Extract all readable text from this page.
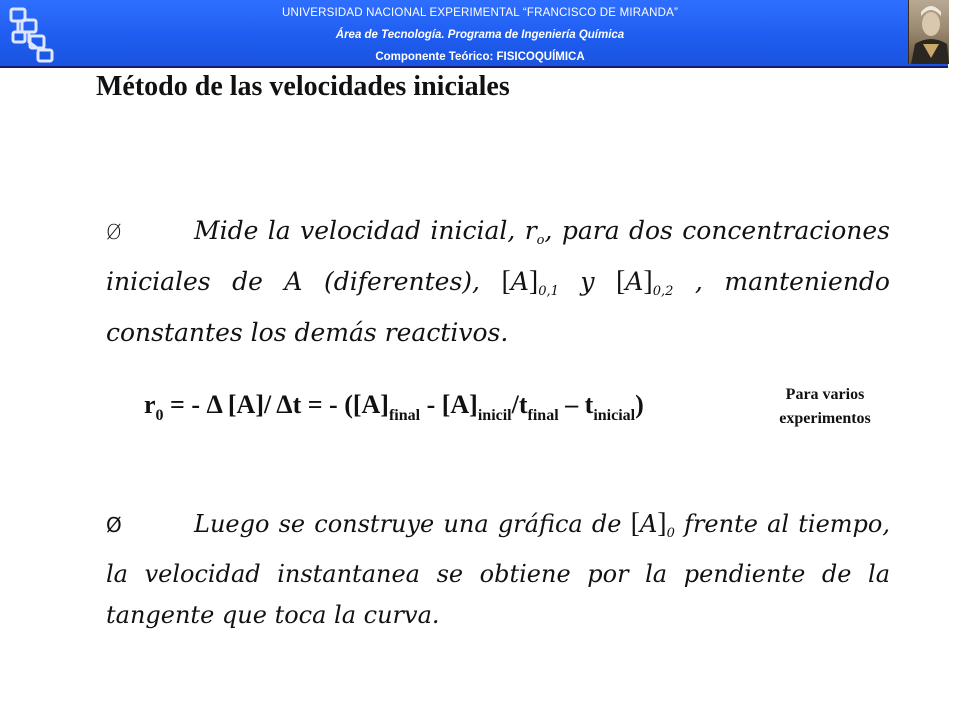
UNIVERSIDAD NACIONAL EXPERIMENTAL “FRANCISCO DE MIRANDA”
Área de Tecnología. Programa de Ingeniería Química
Componente Teórico: FISICOQUÍMICA
Método de las velocidades iniciales
Ø	Mide la velocidad inicial, $r_o$, para dos concentraciones iniciales de A (diferentes), $[A]_{0,1}$ y $[A]_{0,2}$ , manteniendo constantes los demás reactivos.
$r_0$ = - Δ [A]/ Δt = - $([A]_{final} - [A]_{inicil}/t_{final} - t_{inicial})$	Para varios
experimentos
Ø	Luego se construye una gráfica de $[A]_0$ frente al tiempo, la velocidad instantanea se obtiene por la pendiente de la tangente que toca la curva.
